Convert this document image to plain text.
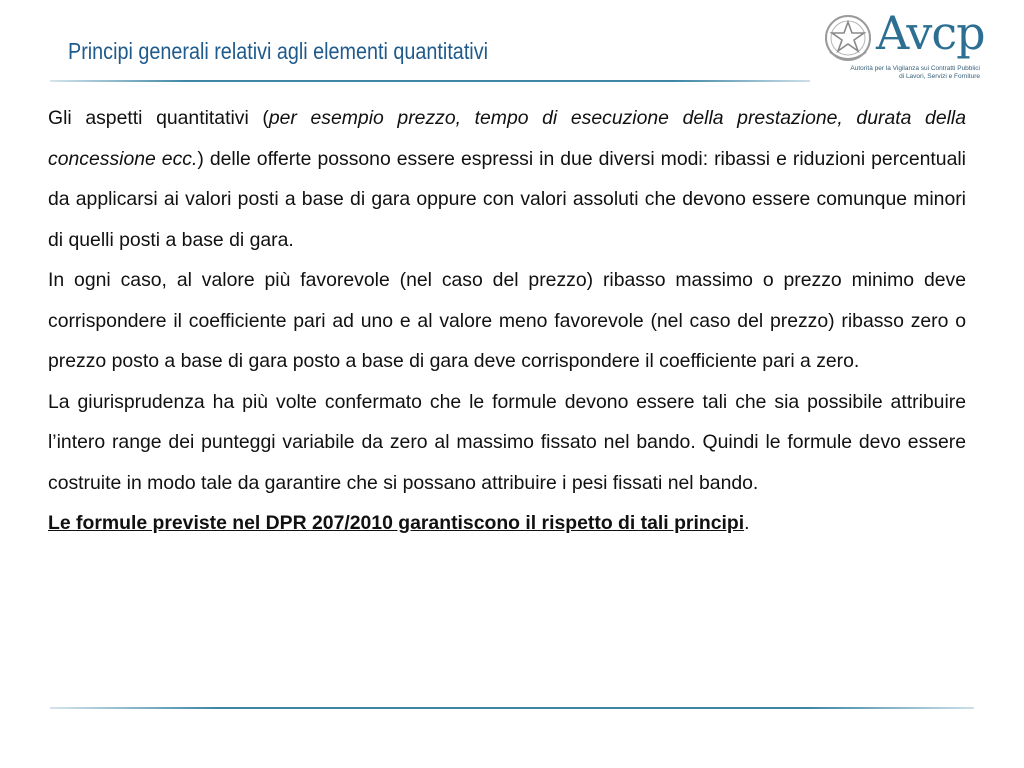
Principi generali relativi agli elementi quantitativi	Avcp
Autorità per la Vigilanza sui Contratti Pubblici
di Lavori, Servizi e Forniture

Gli aspetti quantitativi (per esempio prezzo, tempo di esecuzione della prestazione, durata della concessione ecc.) delle offerte possono essere espressi in due diversi modi: ribassi e riduzioni percentuali da applicarsi ai valori posti a base di gara oppure con valori assoluti che devono essere comunque minori di quelli posti a base di gara.

In ogni caso, al valore più favorevole (nel caso del prezzo) ribasso massimo o prezzo minimo deve corrispondere il coefficiente pari ad uno e al valore meno favorevole (nel caso del prezzo) ribasso zero o prezzo posto a base di gara posto a base di gara deve corrispondere il coefficiente pari a zero.

La giurisprudenza ha più volte confermato che le formule devono essere tali che sia possibile attribuire l’intero range dei punteggi variabile da zero al massimo fissato nel bando. Quindi le formule devo essere costruite in modo tale da garantire che si possano attribuire i pesi fissati nel bando.

Le formule previste nel DPR 207/2010 garantiscono il rispetto di tali principi.
